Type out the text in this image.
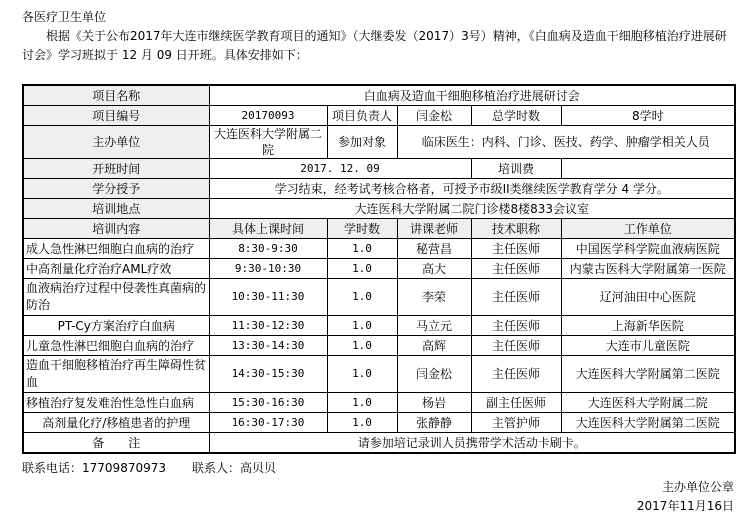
各医疗卫生单位

　　根据《关于公布2017年大连市继续医学教育项目的通知》（大继委发（2017）3号）精神，《白血病及造血干细胞移植治疗进展研讨会》学习班拟于 12 月 09 日开班。具体安排如下：

项目名称	白血病及造血干细胞移植治疗进展研讨会				
项目编号	20170093	项目负责人	闫金松	总学时数	8学时
主办单位	大连医科大学附属二院	参加对象	临床医生：内科、门诊、医技、药学、肿瘤学相关人员		
开班时间	2017. 12. 09			培训费	
学分授予	学习结束，经考试考核合格者，可授予市级II类继续医学教育学分 4 学分。				
培训地点	大连医科大学附属二院门诊楼8楼833会议室				
培训内容	具体上课时间	学时数	讲课老师	技术职称	工作单位
成人急性淋巴细胞白血病的治疗	8:30-9:30	1.0	秘营昌	主任医师	中国医学科学院血液病医院
中高剂量化疗治疗AML疗效	9:30-10:30	1.0	高大	主任医师	内蒙古医科大学附属第一医院
血液病治疗过程中侵袭性真菌病的防治	10:30-11:30	1.0	李荣	主任医师	辽河油田中心医院
PT-Cy方案治疗白血病	11:30-12:30	1.0	马立元	主任医师	上海新华医院
儿童急性淋巴细胞白血病的治疗	13:30-14:30	1.0	高辉	主任医师	大连市儿童医院
造血干细胞移植治疗再生障碍性贫血	14:30-15:30	1.0	闫金松	主任医师	大连医科大学附属第二医院
移植治疗复发难治性急性白血病	15:30-16:30	1.0	杨岩	副主任医师	大连医科大学附属二院
高剂量化疗/移植患者的护理	16:30-17:30	1.0	张静静	主管护师	大连医科大学附属第二医院
备　　注	请参加培记录训人员携带学术活动卡刷卡。				
联系电话：17709870973 联系人：高贝贝
主办单位公章
2017年11月16日
